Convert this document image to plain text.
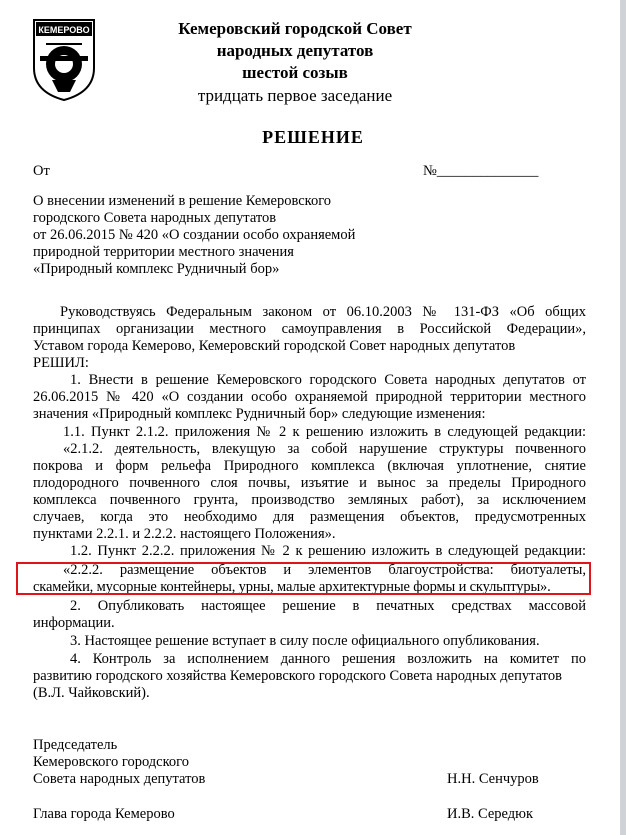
КЕМЕРОВО	Кемеровский городской Совет
народных депутатов
шестой созыв
тридцать первое заседание
РЕШЕНИЕ
От	№______________
О внесении изменений в решение Кемеровского
городского Совета народных депутатов
от 26.06.2015 № 420 «О создании особо охраняемой
природной территории местного значения
«Природный комплекс Рудничный бор»
Руководствуясь Федеральным законом от 06.10.2003 № 131-ФЗ «Об общих
принципах организации местного самоуправления в Российской Федерации»,
Уставом города Кемерово, Кемеровский городской Совет народных депутатов
РЕШИЛ:
1. Внести в решение Кемеровского городского Совета народных депутатов от
26.06.2015 № 420 «О создании особо охраняемой природной территории местного
значения «Природный комплекс Рудничный бор» следующие изменения:
1.1. Пункт 2.1.2. приложения № 2 к решению изложить в следующей редакции:
«2.1.2. деятельность, влекущую за собой нарушение структуры почвенного
покрова и форм рельефа Природного комплекса (включая уплотнение, снятие
плодородного почвенного слоя почвы, изъятие и вынос за пределы Природного
комплекса почвенного грунта, производство земляных работ), за исключением
случаев, когда это необходимо для размещения объектов, предусмотренных
пунктами 2.2.1. и 2.2.2. настоящего Положения».
1.2. Пункт 2.2.2. приложения № 2 к решению изложить в следующей редакции:
«2.2.2. размещение объектов и элементов благоустройства: биотуалеты,
скамейки, мусорные контейнеры, урны, малые архитектурные формы и скульптуры».
2. Опубликовать настоящее решение в печатных средствах массовой
информации.
3. Настоящее решение вступает в силу после официального опубликования.
4. Контроль за исполнением данного решения возложить на комитет по
развитию городского хозяйства Кемеровского городского Совета народных депутатов
(В.Л. Чайковский).
Председатель
Кемеровского городского
Совета народных депутатов	Н.Н. Сенчуров
Глава города Кемерово	И.В. Середюк
